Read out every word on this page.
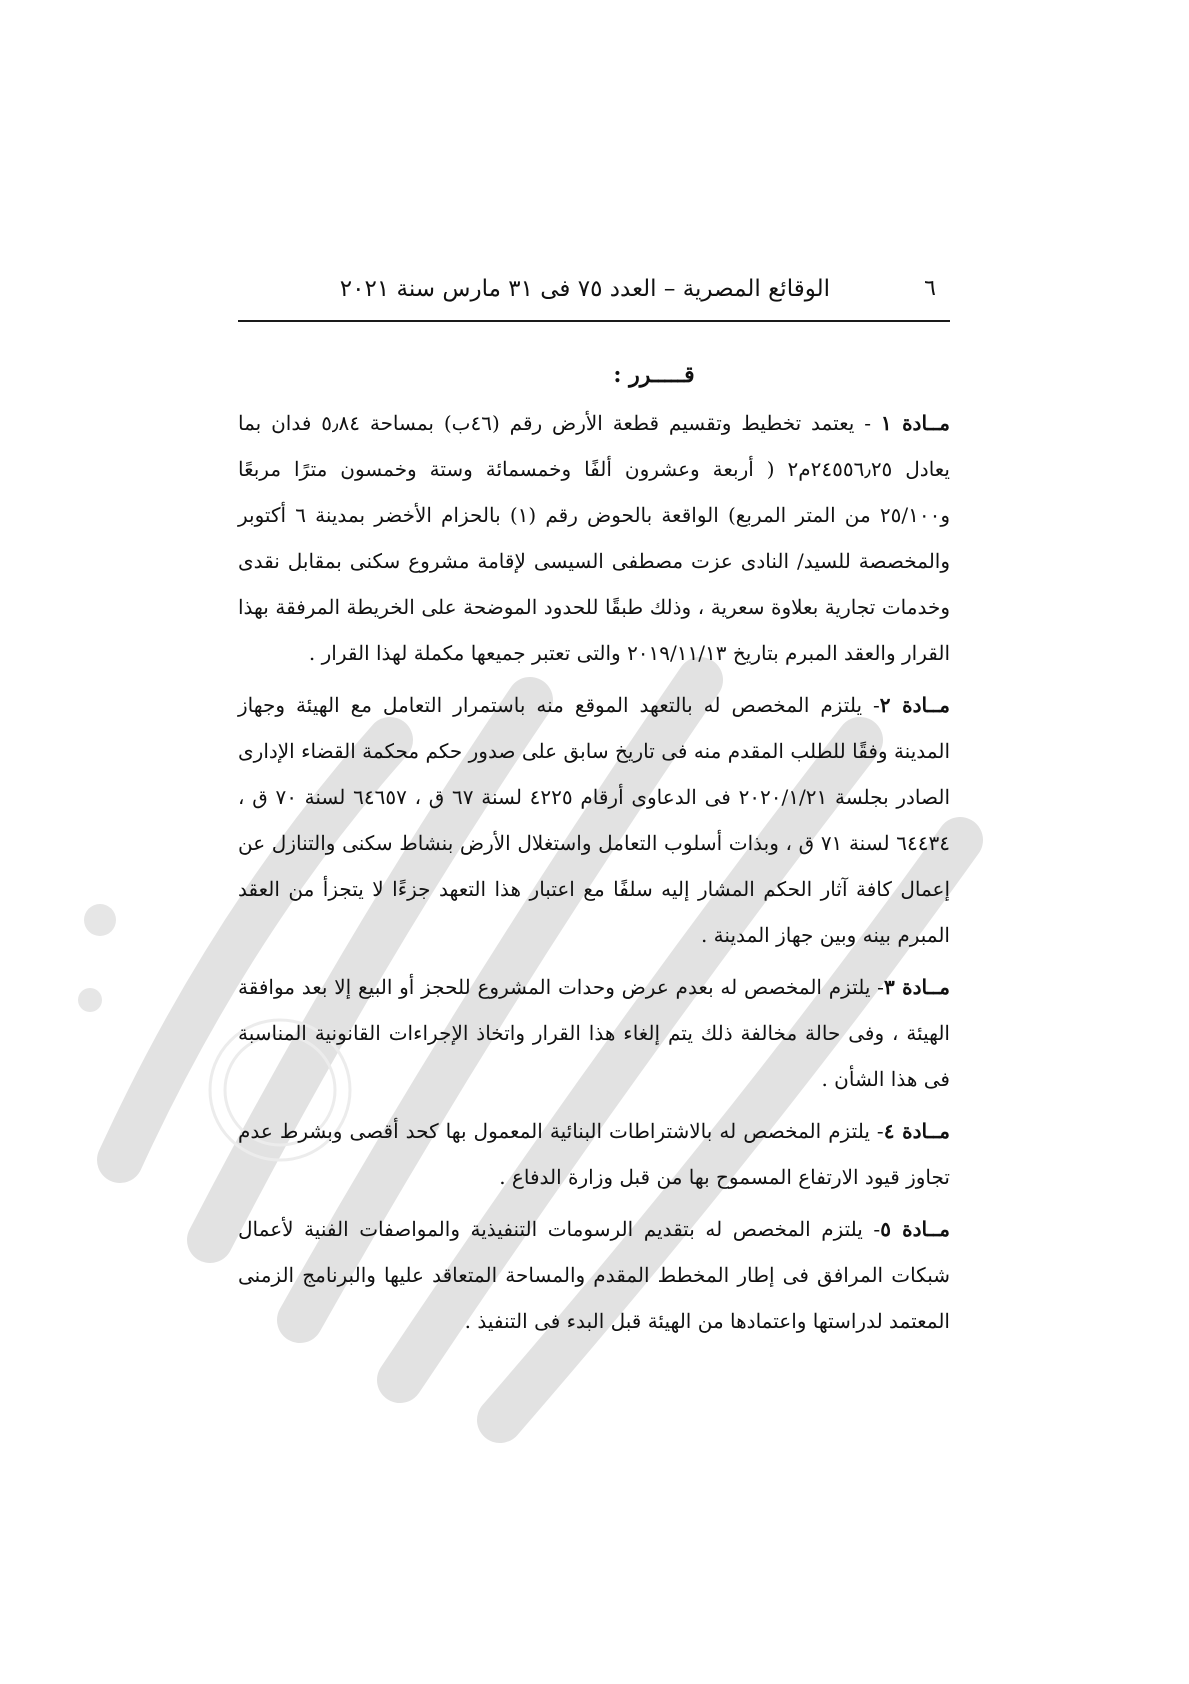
٦
الوقائع المصرية – العدد ٧٥ فى ٣١ مارس سنة ٢٠٢١
قـــــرر :

مــادة ١ - يعتمد تخطيط وتقسيم قطعة الأرض رقم (٤٦ب) بمساحة ٥٫٨٤ فدان بما يعادل ٢٤٥٥٦٫٢٥م٢ ( أربعة وعشرون ألفًا وخمسمائة وستة وخمسون مترًا مربعًا و٢٥/١٠٠ من المتر المربع) الواقعة بالحوض رقم (١) بالحزام الأخضر بمدينة ٦ أكتوبر والمخصصة للسيد/ النادى عزت مصطفى السيسى لإقامة مشروع سكنى بمقابل نقدى وخدمات تجارية بعلاوة سعرية ، وذلك طبقًا للحدود الموضحة على الخريطة المرفقة بهذا القرار والعقد المبرم بتاريخ ٢٠١٩/١١/١٣ والتى تعتبر جميعها مكملة لهذا القرار .

مــادة ٢- يلتزم المخصص له بالتعهد الموقع منه باستمرار التعامل مع الهيئة وجهاز المدينة وفقًا للطلب المقدم منه فى تاريخ سابق على صدور حكم محكمة القضاء الإدارى الصادر بجلسة ٢٠٢٠/١/٢١ فى الدعاوى أرقام ٤٢٢٥ لسنة ٦٧ ق ، ٦٤٦٥٧ لسنة ٧٠ ق ، ٦٤٤٣٤ لسنة ٧١ ق ، وبذات أسلوب التعامل واستغلال الأرض بنشاط سكنى والتنازل عن إعمال كافة آثار الحكم المشار إليه سلفًا مع اعتبار هذا التعهد جزءًا لا يتجزأ من العقد المبرم بينه وبين جهاز المدينة .

مــادة ٣- يلتزم المخصص له بعدم عرض وحدات المشروع للحجز أو البيع إلا بعد موافقة الهيئة ، وفى حالة مخالفة ذلك يتم إلغاء هذا القرار واتخاذ الإجراءات القانونية المناسبة فى هذا الشأن .

مــادة ٤- يلتزم المخصص له بالاشتراطات البنائية المعمول بها كحد أقصى وبشرط عدم تجاوز قيود الارتفاع المسموح بها من قبل وزارة الدفاع .

مــادة ٥- يلتزم المخصص له بتقديم الرسومات التنفيذية والمواصفات الفنية لأعمال شبكات المرافق فى إطار المخطط المقدم والمساحة المتعاقد عليها والبرنامج الزمنى المعتمد لدراستها واعتمادها من الهيئة قبل البدء فى التنفيذ .
